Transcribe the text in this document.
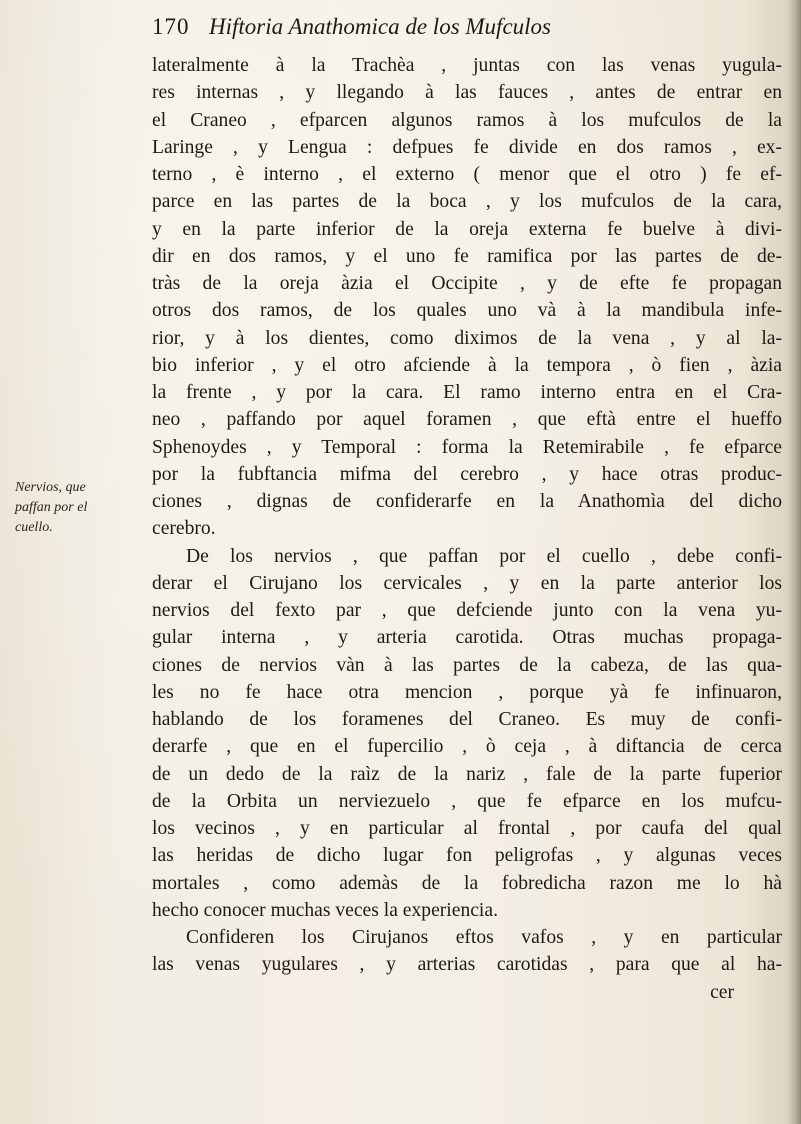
170 Hiftoria Anathomica de los Mufculos
Nervios, que
paffan por el
cuello.
lateralmente à la Trachèa , juntas con las venas yugula-
res internas , y llegando à las fauces , antes de entrar en
el Craneo , efparcen algunos ramos à los mufculos de la
Laringe , y Lengua : defpues fe divide en dos ramos , ex-
terno , è interno , el externo ( menor que el otro ) fe ef-
parce en las partes de la boca , y los mufculos de la cara,
y en la parte inferior de la oreja externa fe buelve à divi-
dir en dos ramos, y el uno fe ramifica por las partes de de-
tràs de la oreja àzia el Occipite , y de efte fe propagan
otros dos ramos, de los quales uno và à la mandibula infe-
rior, y à los dientes, como diximos de la vena , y al la-
bio inferior , y el otro afciende à la tempora , ò fien , àzia
la frente , y por la cara. El ramo interno entra en el Cra-
neo , paffando por aquel foramen , que eftà entre el hueffo
Sphenoydes , y Temporal : forma la Retemirabile , fe efparce
por la fubftancia mifma del cerebro , y hace otras produc-
ciones , dignas de confiderarfe en la Anathomìa del dicho
cerebro.
De los nervios , que paffan por el cuello , debe confi-
derar el Cirujano los cervicales , y en la parte anterior los
nervios del fexto par , que defciende junto con la vena yu-
gular interna , y arteria carotida. Otras muchas propaga-
ciones de nervios vàn à las partes de la cabeza, de las qua-
les no fe hace otra mencion , porque yà fe infinuaron,
hablando de los foramenes del Craneo. Es muy de confi-
derarfe , que en el fupercilio , ò ceja , à diftancia de cerca
de un dedo de la raìz de la nariz , fale de la parte fuperior
de la Orbita un nerviezuelo , que fe efparce en los mufcu-
los vecinos , y en particular al frontal , por caufa del qual
las heridas de dicho lugar fon peligrofas , y algunas veces
mortales , como ademàs de la fobredicha razon me lo hà
hecho conocer muchas veces la experiencia.
Confideren los Cirujanos eftos vafos , y en particular
las venas yugulares , y arterias carotidas , para que al ha-
cer
